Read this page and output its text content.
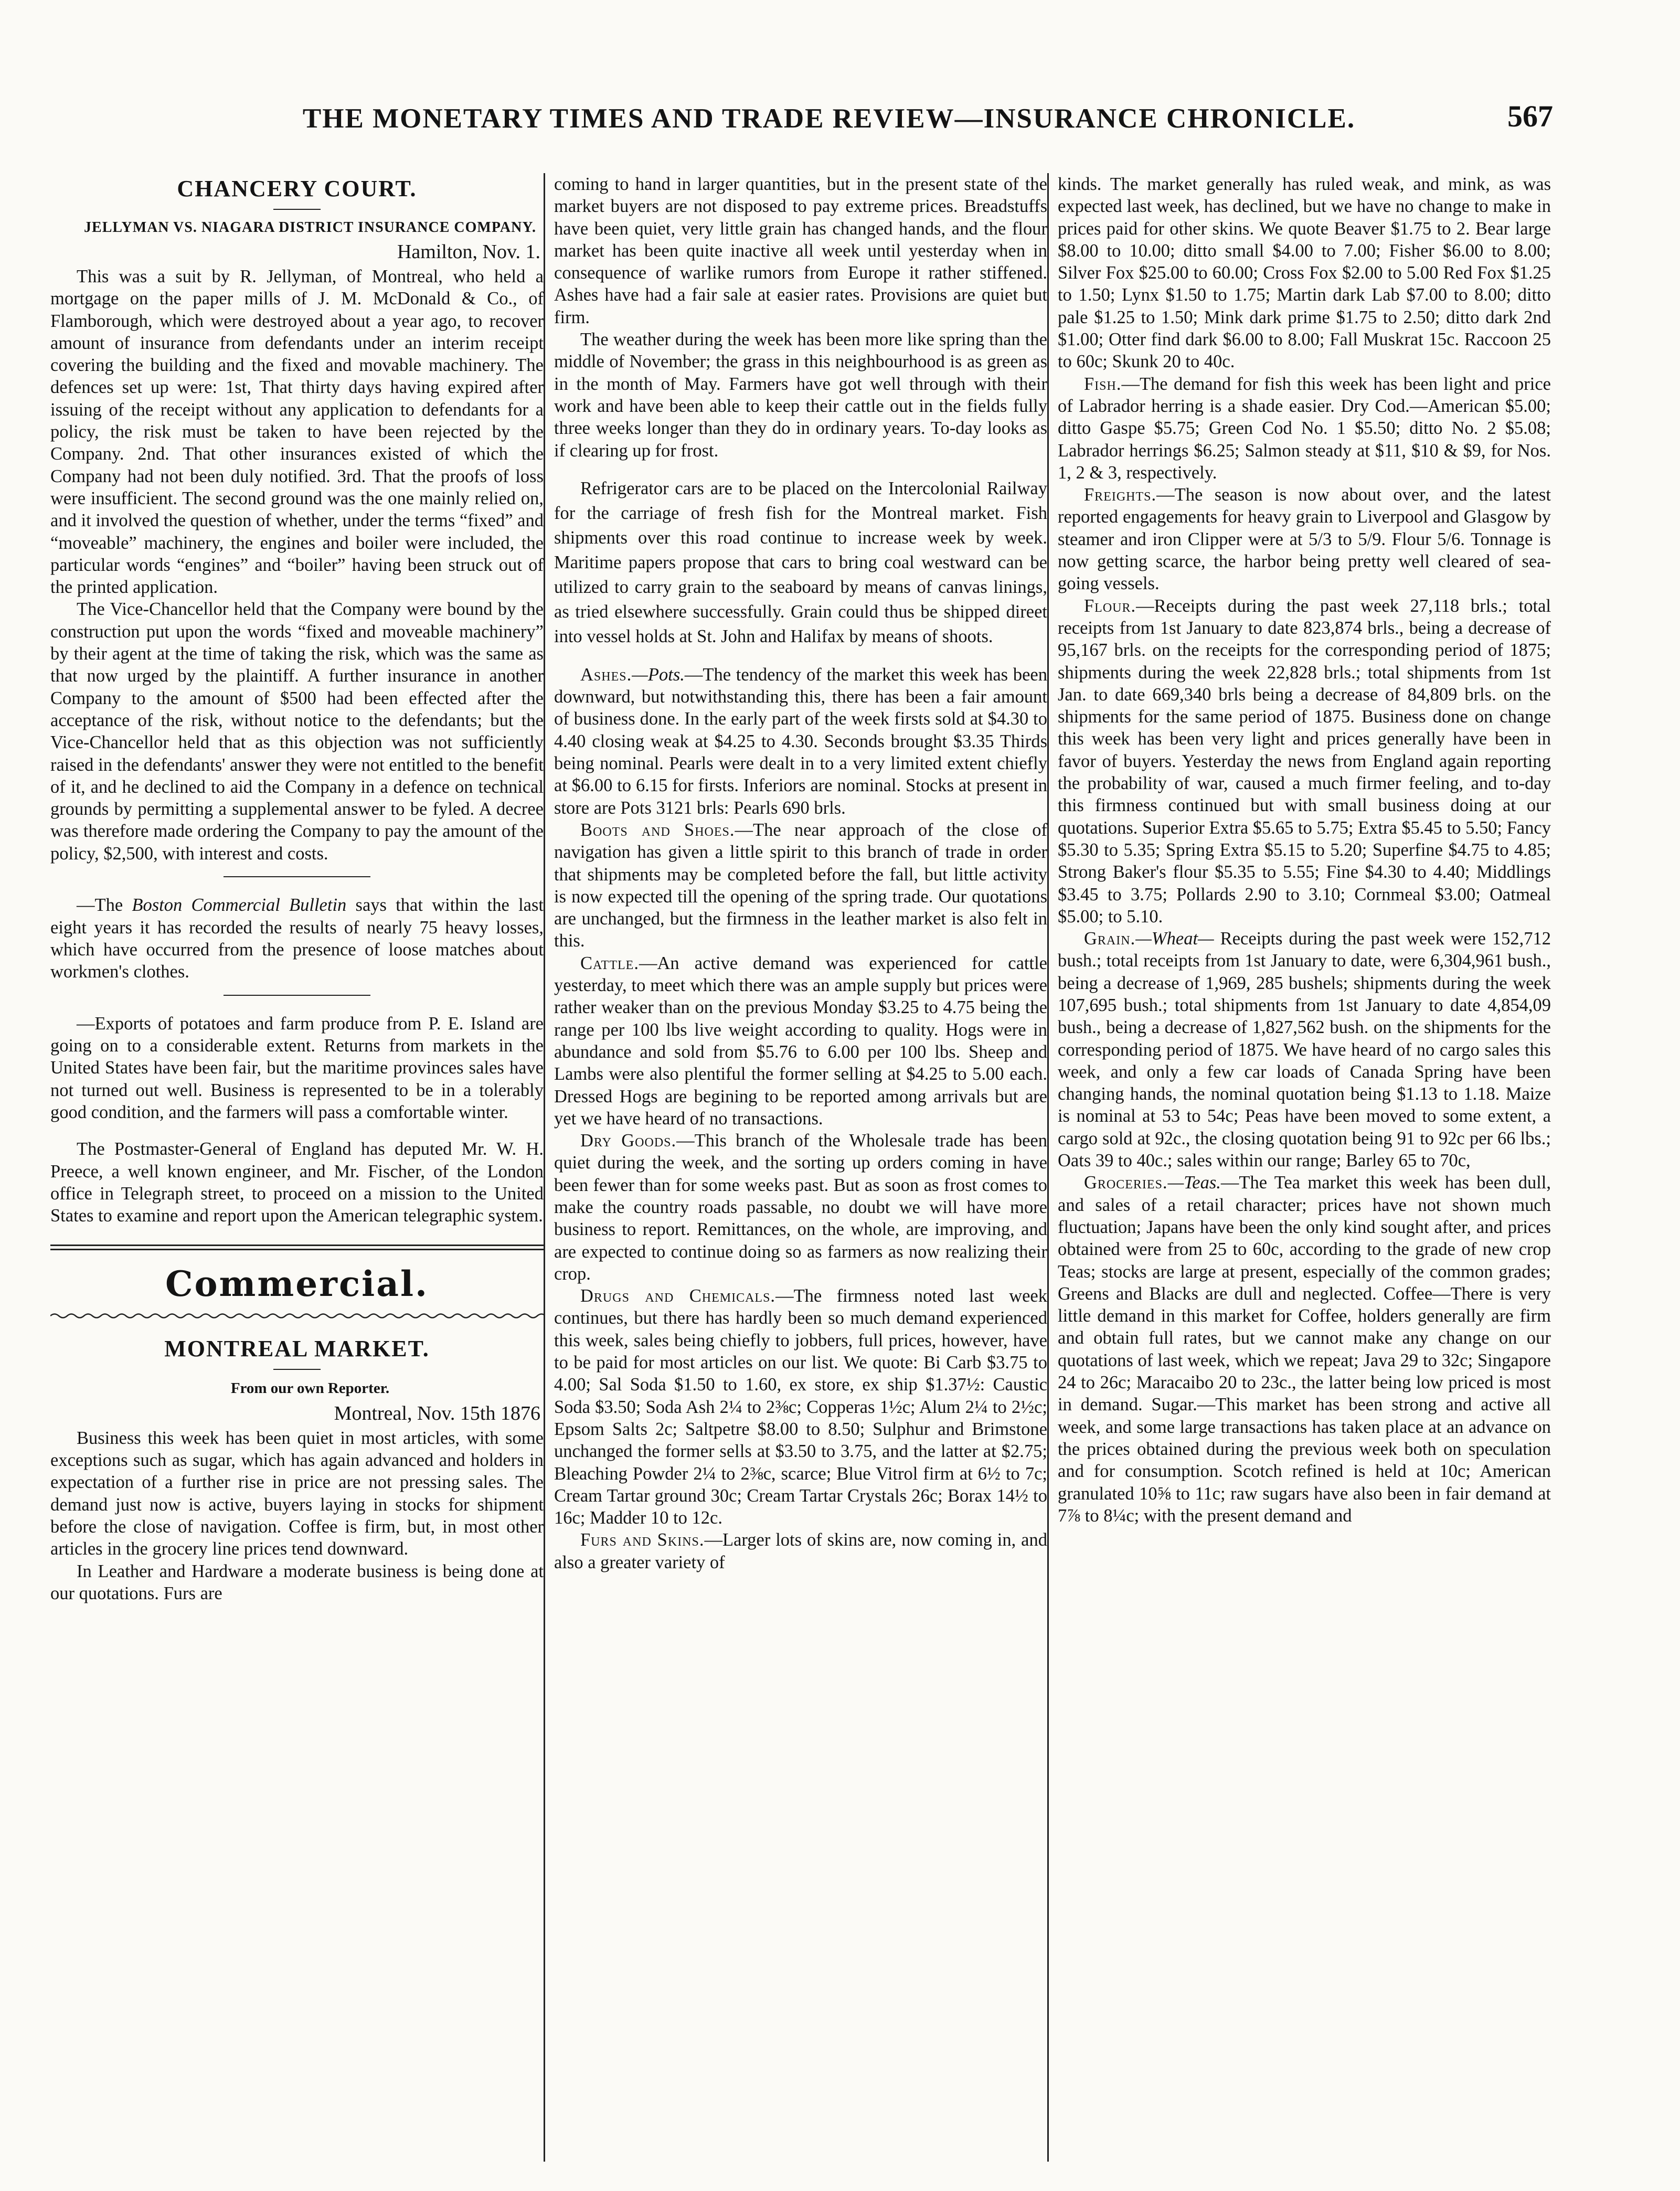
THE MONETARY TIMES AND TRADE REVIEW—INSURANCE CHRONICLE.	567
CHANCERY COURT.

JELLYMAN VS. NIAGARA DISTRICT INSURANCE COMPANY.

Hamilton, Nov. 1.

This was a suit by R. Jellyman, of Montreal, who held a mortgage on the paper mills of J. M. McDonald & Co., of Flamborough, which were destroyed about a year ago, to recover amount of insurance from defendants under an interim receipt covering the building and the fixed and movable machinery. The defences set up were: 1st, That thirty days having expired after issuing of the receipt without any application to defendants for a policy, the risk must be taken to have been rejected by the Company. 2nd. That other insurances existed of which the Company had not been duly notified. 3rd. That the proofs of loss were insufficient. The second ground was the one mainly relied on, and it involved the question of whether, under the terms “fixed” and “moveable” machinery, the engines and boiler were included, the particular words “engines” and “boiler” having been struck out of the printed application.

The Vice-Chancellor held that the Company were bound by the construction put upon the words “fixed and moveable machinery” by their agent at the time of taking the risk, which was the same as that now urged by the plaintiff. A further insurance in another Company to the amount of $500 had been effected after the acceptance of the risk, without notice to the defendants; but the Vice-Chancellor held that as this objection was not sufficiently raised in the defendants' answer they were not entitled to the benefit of it, and he declined to aid the Company in a defence on technical grounds by permitting a supplemental answer to be fyled. A decree was therefore made ordering the Company to pay the amount of the policy, $2,500, with interest and costs.

—The Boston Commercial Bulletin says that within the last eight years it has recorded the results of nearly 75 heavy losses, which have occurred from the presence of loose matches about workmen's clothes.

—Exports of potatoes and farm produce from P. E. Island are going on to a considerable extent. Returns from markets in the United States have been fair, but the maritime provinces sales have not turned out well. Business is represented to be in a tolerably good condition, and the farmers will pass a comfortable winter.

The Postmaster-General of England has deputed Mr. W. H. Preece, a well known engineer, and Mr. Fischer, of the London office in Telegraph street, to proceed on a mission to the United States to examine and report upon the American telegraphic system.

Commercial.
MONTREAL MARKET.

From our own Reporter.

Montreal, Nov. 15th 1876

Business this week has been quiet in most articles, with some exceptions such as sugar, which has again advanced and holders in expectation of a further rise in price are not pressing sales. The demand just now is active, buyers laying in stocks for shipment before the close of navigation. Coffee is firm, but, in most other articles in the grocery line prices tend downward.

In Leather and Hardware a moderate business is being done at our quotations. Furs are

coming to hand in larger quantities, but in the present state of the market buyers are not disposed to pay extreme prices. Breadstuffs have been quiet, very little grain has changed hands, and the flour market has been quite inactive all week until yesterday when in consequence of warlike rumors from Europe it rather stiffened. Ashes have had a fair sale at easier rates. Provisions are quiet but firm.

The weather during the week has been more like spring than the middle of November; the grass in this neighbourhood is as green as in the month of May. Farmers have got well through with their work and have been able to keep their cattle out in the fields fully three weeks longer than they do in ordinary years. To-day looks as if clearing up for frost.

Refrigerator cars are to be placed on the Intercolonial Railway for the carriage of fresh fish for the Montreal market. Fish shipments over this road continue to increase week by week. Maritime papers propose that cars to bring coal westward can be utilized to carry grain to the seaboard by means of canvas linings, as tried elsewhere successfully. Grain could thus be shipped direet into vessel holds at St. John and Halifax by means of shoots.

Ashes.—Pots.—The tendency of the market this week has been downward, but notwithstanding this, there has been a fair amount of business done. In the early part of the week firsts sold at $4.30 to 4.40 closing weak at $4.25 to 4.30. Seconds brought $3.35 Thirds being nominal. Pearls were dealt in to a very limited extent chiefly at $6.00 to 6.15 for firsts. Inferiors are nominal. Stocks at present in store are Pots 3121 brls: Pearls 690 brls.

Boots and Shoes.—The near approach of the close of navigation has given a little spirit to this branch of trade in order that shipments may be completed before the fall, but little activity is now expected till the opening of the spring trade. Our quotations are unchanged, but the firmness in the leather market is also felt in this.

Cattle.—An active demand was experienced for cattle yesterday, to meet which there was an ample supply but prices were rather weaker than on the previous Monday $3.25 to 4.75 being the range per 100 lbs live weight according to quality. Hogs were in abundance and sold from $5.76 to 6.00 per 100 lbs. Sheep and Lambs were also plentiful the former selling at $4.25 to 5.00 each. Dressed Hogs are begining to be reported among arrivals but are yet we have heard of no transactions.

Dry Goods.—This branch of the Wholesale trade has been quiet during the week, and the sorting up orders coming in have been fewer than for some weeks past. But as soon as frost comes to make the country roads passable, no doubt we will have more business to report. Remittances, on the whole, are improving, and are expected to continue doing so as farmers as now realizing their crop.

Drugs and Chemicals.—The firmness noted last week continues, but there has hardly been so much demand experienced this week, sales being chiefly to jobbers, full prices, however, have to be paid for most articles on our list. We quote: Bi Carb $3.75 to 4.00; Sal Soda $1.50 to 1.60, ex store, ex ship $1.37½: Caustic Soda $3.50; Soda Ash 2¼ to 2⅜c; Copperas 1½c; Alum 2¼ to 2½c; Epsom Salts 2c; Saltpetre $8.00 to 8.50; Sulphur and Brimstone unchanged the former sells at $3.50 to 3.75, and the latter at $2.75; Bleaching Powder 2¼ to 2⅜c, scarce; Blue Vitrol firm at 6½ to 7c; Cream Tartar ground 30c; Cream Tartar Crystals 26c; Borax 14½ to 16c; Madder 10 to 12c.

Furs and Skins.—Larger lots of skins are, now coming in, and also a greater variety of

kinds. The market generally has ruled weak, and mink, as was expected last week, has declined, but we have no change to make in prices paid for other skins. We quote Beaver $1.75 to 2. Bear large $8.00 to 10.00; ditto small $4.00 to 7.00; Fisher $6.00 to 8.00; Silver Fox $25.00 to 60.00; Cross Fox $2.00 to 5.00 Red Fox $1.25 to 1.50; Lynx $1.50 to 1.75; Martin dark Lab $7.00 to 8.00; ditto pale $1.25 to 1.50; Mink dark prime $1.75 to 2.50; ditto dark 2nd $1.00; Otter find dark $6.00 to 8.00; Fall Muskrat 15c. Raccoon 25 to 60c; Skunk 20 to 40c.

Fish.—The demand for fish this week has been light and price of Labrador herring is a shade easier. Dry Cod.—American $5.00; ditto Gaspe $5.75; Green Cod No. 1 $5.50; ditto No. 2 $5.08; Labrador herrings $6.25; Salmon steady at $11, $10 & $9, for Nos. 1, 2 & 3, respectively.

Freights.—The season is now about over, and the latest reported engagements for heavy grain to Liverpool and Glasgow by steamer and iron Clipper were at 5/3 to 5/9. Flour 5/6. Tonnage is now getting scarce, the harbor being pretty well cleared of sea-going vessels.

Flour.—Receipts during the past week 27,118 brls.; total receipts from 1st January to date 823,874 brls., being a decrease of 95,167 brls. on the receipts for the corresponding period of 1875; shipments during the week 22,828 brls.; total shipments from 1st Jan. to date 669,340 brls being a decrease of 84,809 brls. on the shipments for the same period of 1875. Business done on change this week has been very light and prices generally have been in favor of buyers. Yesterday the news from England again reporting the probability of war, caused a much firmer feeling, and to-day this firmness continued but with small business doing at our quotations. Superior Extra $5.65 to 5.75; Extra $5.45 to 5.50; Fancy $5.30 to 5.35; Spring Extra $5.15 to 5.20; Superfine $4.75 to 4.85; Strong Baker's flour $5.35 to 5.55; Fine $4.30 to 4.40; Middlings $3.45 to 3.75; Pollards 2.90 to 3.10; Cornmeal $3.00; Oatmeal $5.00; to 5.10.

Grain.—Wheat— Receipts during the past week were 152,712 bush.; total receipts from 1st January to date, were 6,304,961 bush., being a decrease of 1,969, 285 bushels; shipments during the week 107,695 bush.; total shipments from 1st January to date 4,854,09 bush., being a decrease of 1,827,562 bush. on the shipments for the corresponding period of 1875. We have heard of no cargo sales this week, and only a few car loads of Canada Spring have been changing hands, the nominal quotation being $1.13 to 1.18. Maize is nominal at 53 to 54c; Peas have been moved to some extent, a cargo sold at 92c., the closing quotation being 91 to 92c per 66 lbs.; Oats 39 to 40c.; sales within our range; Barley 65 to 70c,

Groceries.—Teas.—The Tea market this week has been dull, and sales of a retail character; prices have not shown much fluctuation; Japans have been the only kind sought after, and prices obtained were from 25 to 60c, according to the grade of new crop Teas; stocks are large at present, especially of the common grades; Greens and Blacks are dull and neglected. Coffee—There is very little demand in this market for Coffee, holders generally are firm and obtain full rates, but we cannot make any change on our quotations of last week, which we repeat; Java 29 to 32c; Singapore 24 to 26c; Maracaibo 20 to 23c., the latter being low priced is most in demand. Sugar.—This market has been strong and active all week, and some large transactions has taken place at an advance on the prices obtained during the previous week both on speculation and for consumption. Scotch refined is held at 10c; American granulated 10⅝ to 11c; raw sugars have also been in fair demand at 7⅞ to 8¼c; with the present demand and
